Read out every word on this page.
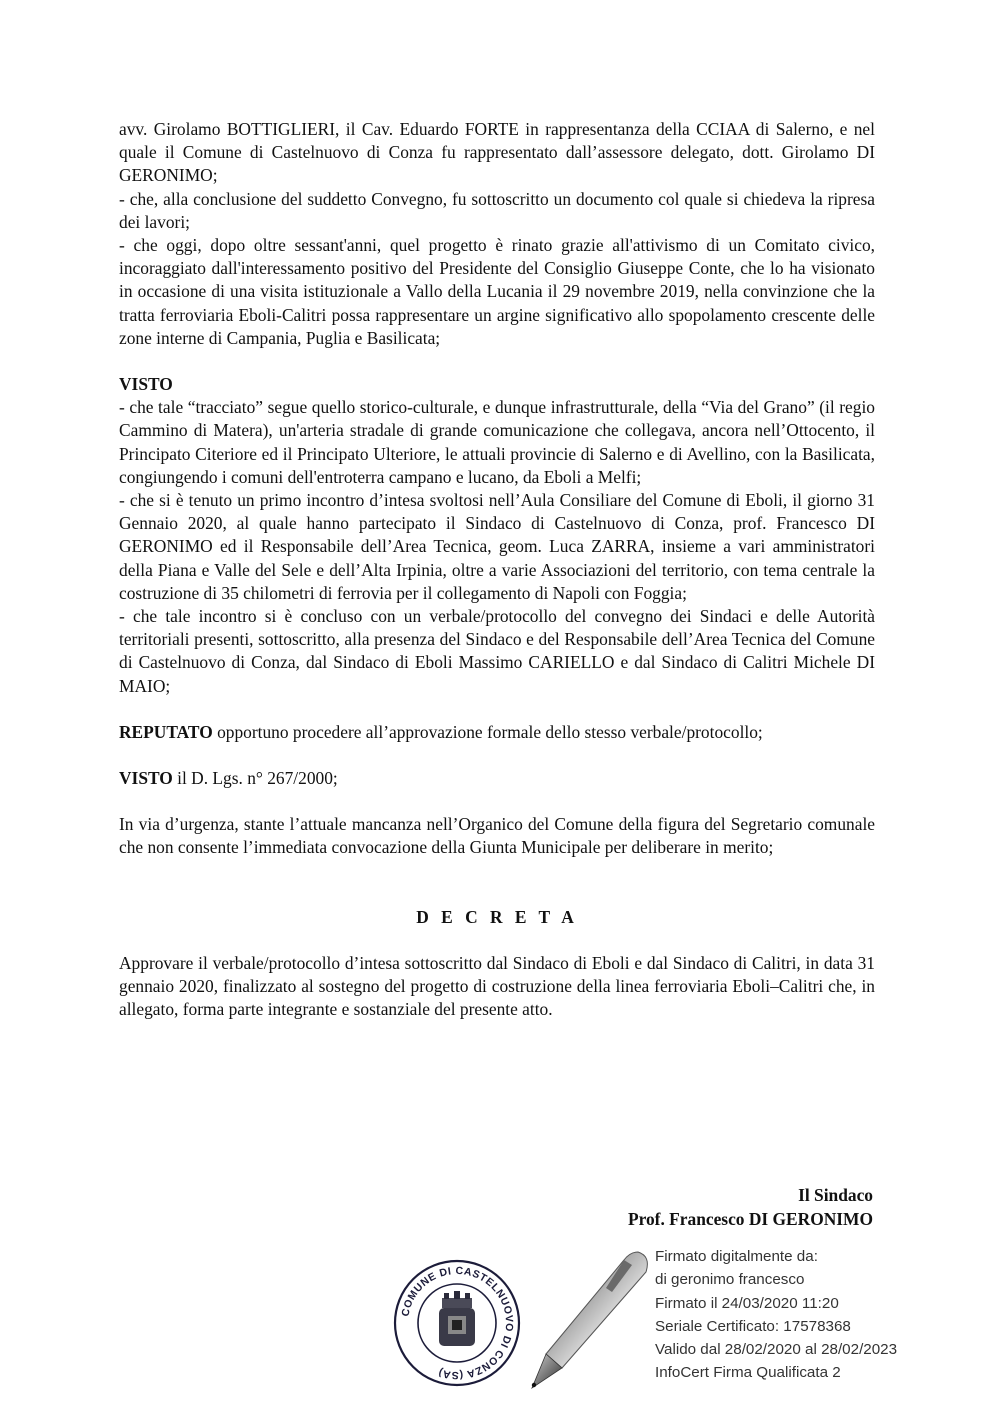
avv. Girolamo BOTTIGLIERI, il Cav. Eduardo FORTE in rappresentanza della CCIAA di Salerno, e nel quale il Comune di Castelnuovo di Conza fu rappresentato dall’assessore delegato, dott. Girolamo DI GERONIMO;

- che, alla conclusione del suddetto Convegno, fu sottoscritto un documento col quale si chiedeva la ripresa dei lavori;

- che oggi, dopo oltre sessant'anni, quel progetto è rinato grazie all'attivismo di un Comitato civico, incoraggiato dall'interessamento positivo del Presidente del Consiglio Giuseppe Conte, che lo ha visionato in occasione di una visita istituzionale a Vallo della Lucania il 29 novembre 2019, nella convinzione che la tratta ferroviaria Eboli-Calitri possa rappresentare un argine significativo allo spopolamento crescente delle zone interne di Campania, Puglia e Basilicata;

VISTO

- che tale “tracciato” segue quello storico-culturale, e dunque infrastrutturale, della “Via del Grano” (il regio Cammino di Matera), un'arteria stradale di grande comunicazione che collegava, ancora nell’Ottocento, il Principato Citeriore ed il Principato Ulteriore, le attuali provincie di Salerno e di Avellino, con la Basilicata, congiungendo i comuni dell'entroterra campano e lucano, da Eboli a Melfi;

- che si è tenuto un primo incontro d’intesa svoltosi nell’Aula Consiliare del Comune di Eboli, il giorno 31 Gennaio 2020, al quale hanno partecipato il Sindaco di Castelnuovo di Conza, prof. Francesco DI GERONIMO ed il Responsabile dell’Area Tecnica, geom. Luca ZARRA, insieme a vari amministratori della Piana e Valle del Sele e dell’Alta Irpinia, oltre a varie Associazioni del territorio, con tema centrale la costruzione di 35 chilometri di ferrovia per il collegamento di Napoli con Foggia;

- che tale incontro si è concluso con un verbale/protocollo del convegno dei Sindaci e delle Autorità territoriali presenti, sottoscritto, alla presenza del Sindaco e del Responsabile dell’Area Tecnica del Comune di Castelnuovo di Conza, dal Sindaco di Eboli Massimo CARIELLO e dal Sindaco di Calitri Michele DI MAIO;

REPUTATO opportuno procedere all’approvazione formale dello stesso verbale/protocollo;

VISTO il D. Lgs. n° 267/2000;

In via d’urgenza, stante l’attuale mancanza nell’Organico del Comune della figura del Segretario comunale che non consente l’immediata convocazione della Giunta Municipale per deliberare in merito;

D E C R E T A

Approvare il verbale/protocollo d’intesa sottoscritto dal Sindaco di Eboli e dal Sindaco di Calitri, in data 31 gennaio 2020, finalizzato al sostegno del progetto di costruzione della linea ferroviaria Eboli–Calitri che, in allegato, forma parte integrante e sostanziale del presente atto.

Il Sindaco
Prof. Francesco DI GERONIMO
COMUNE DI CASTELNUOVO DI CONZA (SA)
Firmato digitalmente da:
di geronimo francesco
Firmato il 24/03/2020 11:20
Seriale Certificato: 17578368
Valido dal 28/02/2020 al 28/02/2023
InfoCert Firma Qualificata 2
